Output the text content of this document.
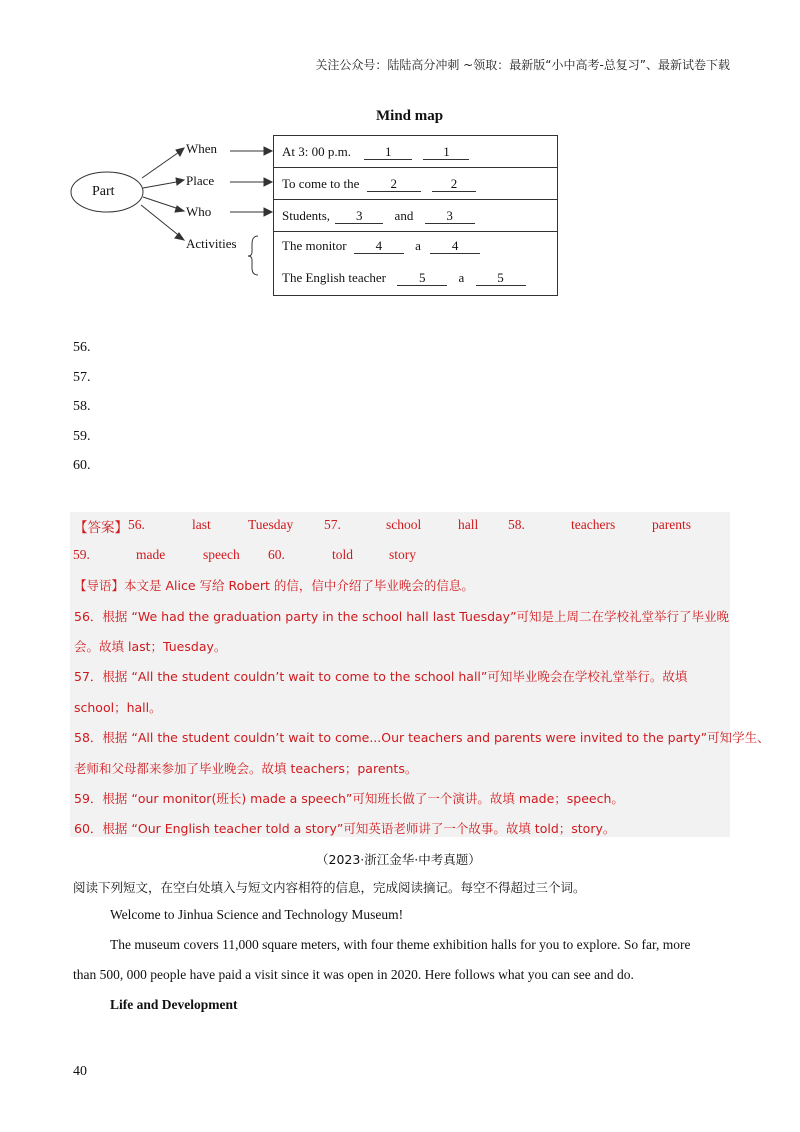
关注公众号：陆陆高分冲刺 ~领取：最新版“小中高考-总复习”、最新试卷下载
Mind map
Part
When
Place
Who
Activities
At 3: 00 p.m.	1	1
To come to the 2	2
Students, 3 and	3
The monitor 4	a 4
The English teacher	5	a	5
56.
57.
58.
59.
60.
【答案】 56.	last	Tuesday 57.	school	hall 58.	teachers	parents
59.	made	speech 60.	told	story
【导语】本文是 Alice 写给 Robert 的信，信中介绍了毕业晚会的信息。
56．根据 “We had the graduation party in the school hall last Tuesday”可知是上周二在学校礼堂举行了毕业晚
会。故填 last；Tuesday。
57．根据 “All the student couldn’t wait to come to the school hall”可知毕业晚会在学校礼堂举行。故填
school；hall。
58．根据 “All the student couldn’t wait to come...Our teachers and parents were invited to the party”可知学生、
老师和父母都来参加了毕业晚会。故填 teachers；parents。
59．根据 “our monitor(班长) made a speech”可知班长做了一个演讲。故填 made；speech。
60．根据 “Our English teacher told a story”可知英语老师讲了一个故事。故填 told；story。
（2023·浙江金华·中考真题）
阅读下列短文，在空白处填入与短文内容相符的信息，完成阅读摘记。每空不得超过三个词。
Welcome to Jinhua Science and Technology Museum!
The museum covers 11,000 square meters, with four theme exhibition halls for you to explore. So far, more
than 500, 000 people have paid a visit since it was open in 2020. Here follows what you can see and do.
Life and Development
40
